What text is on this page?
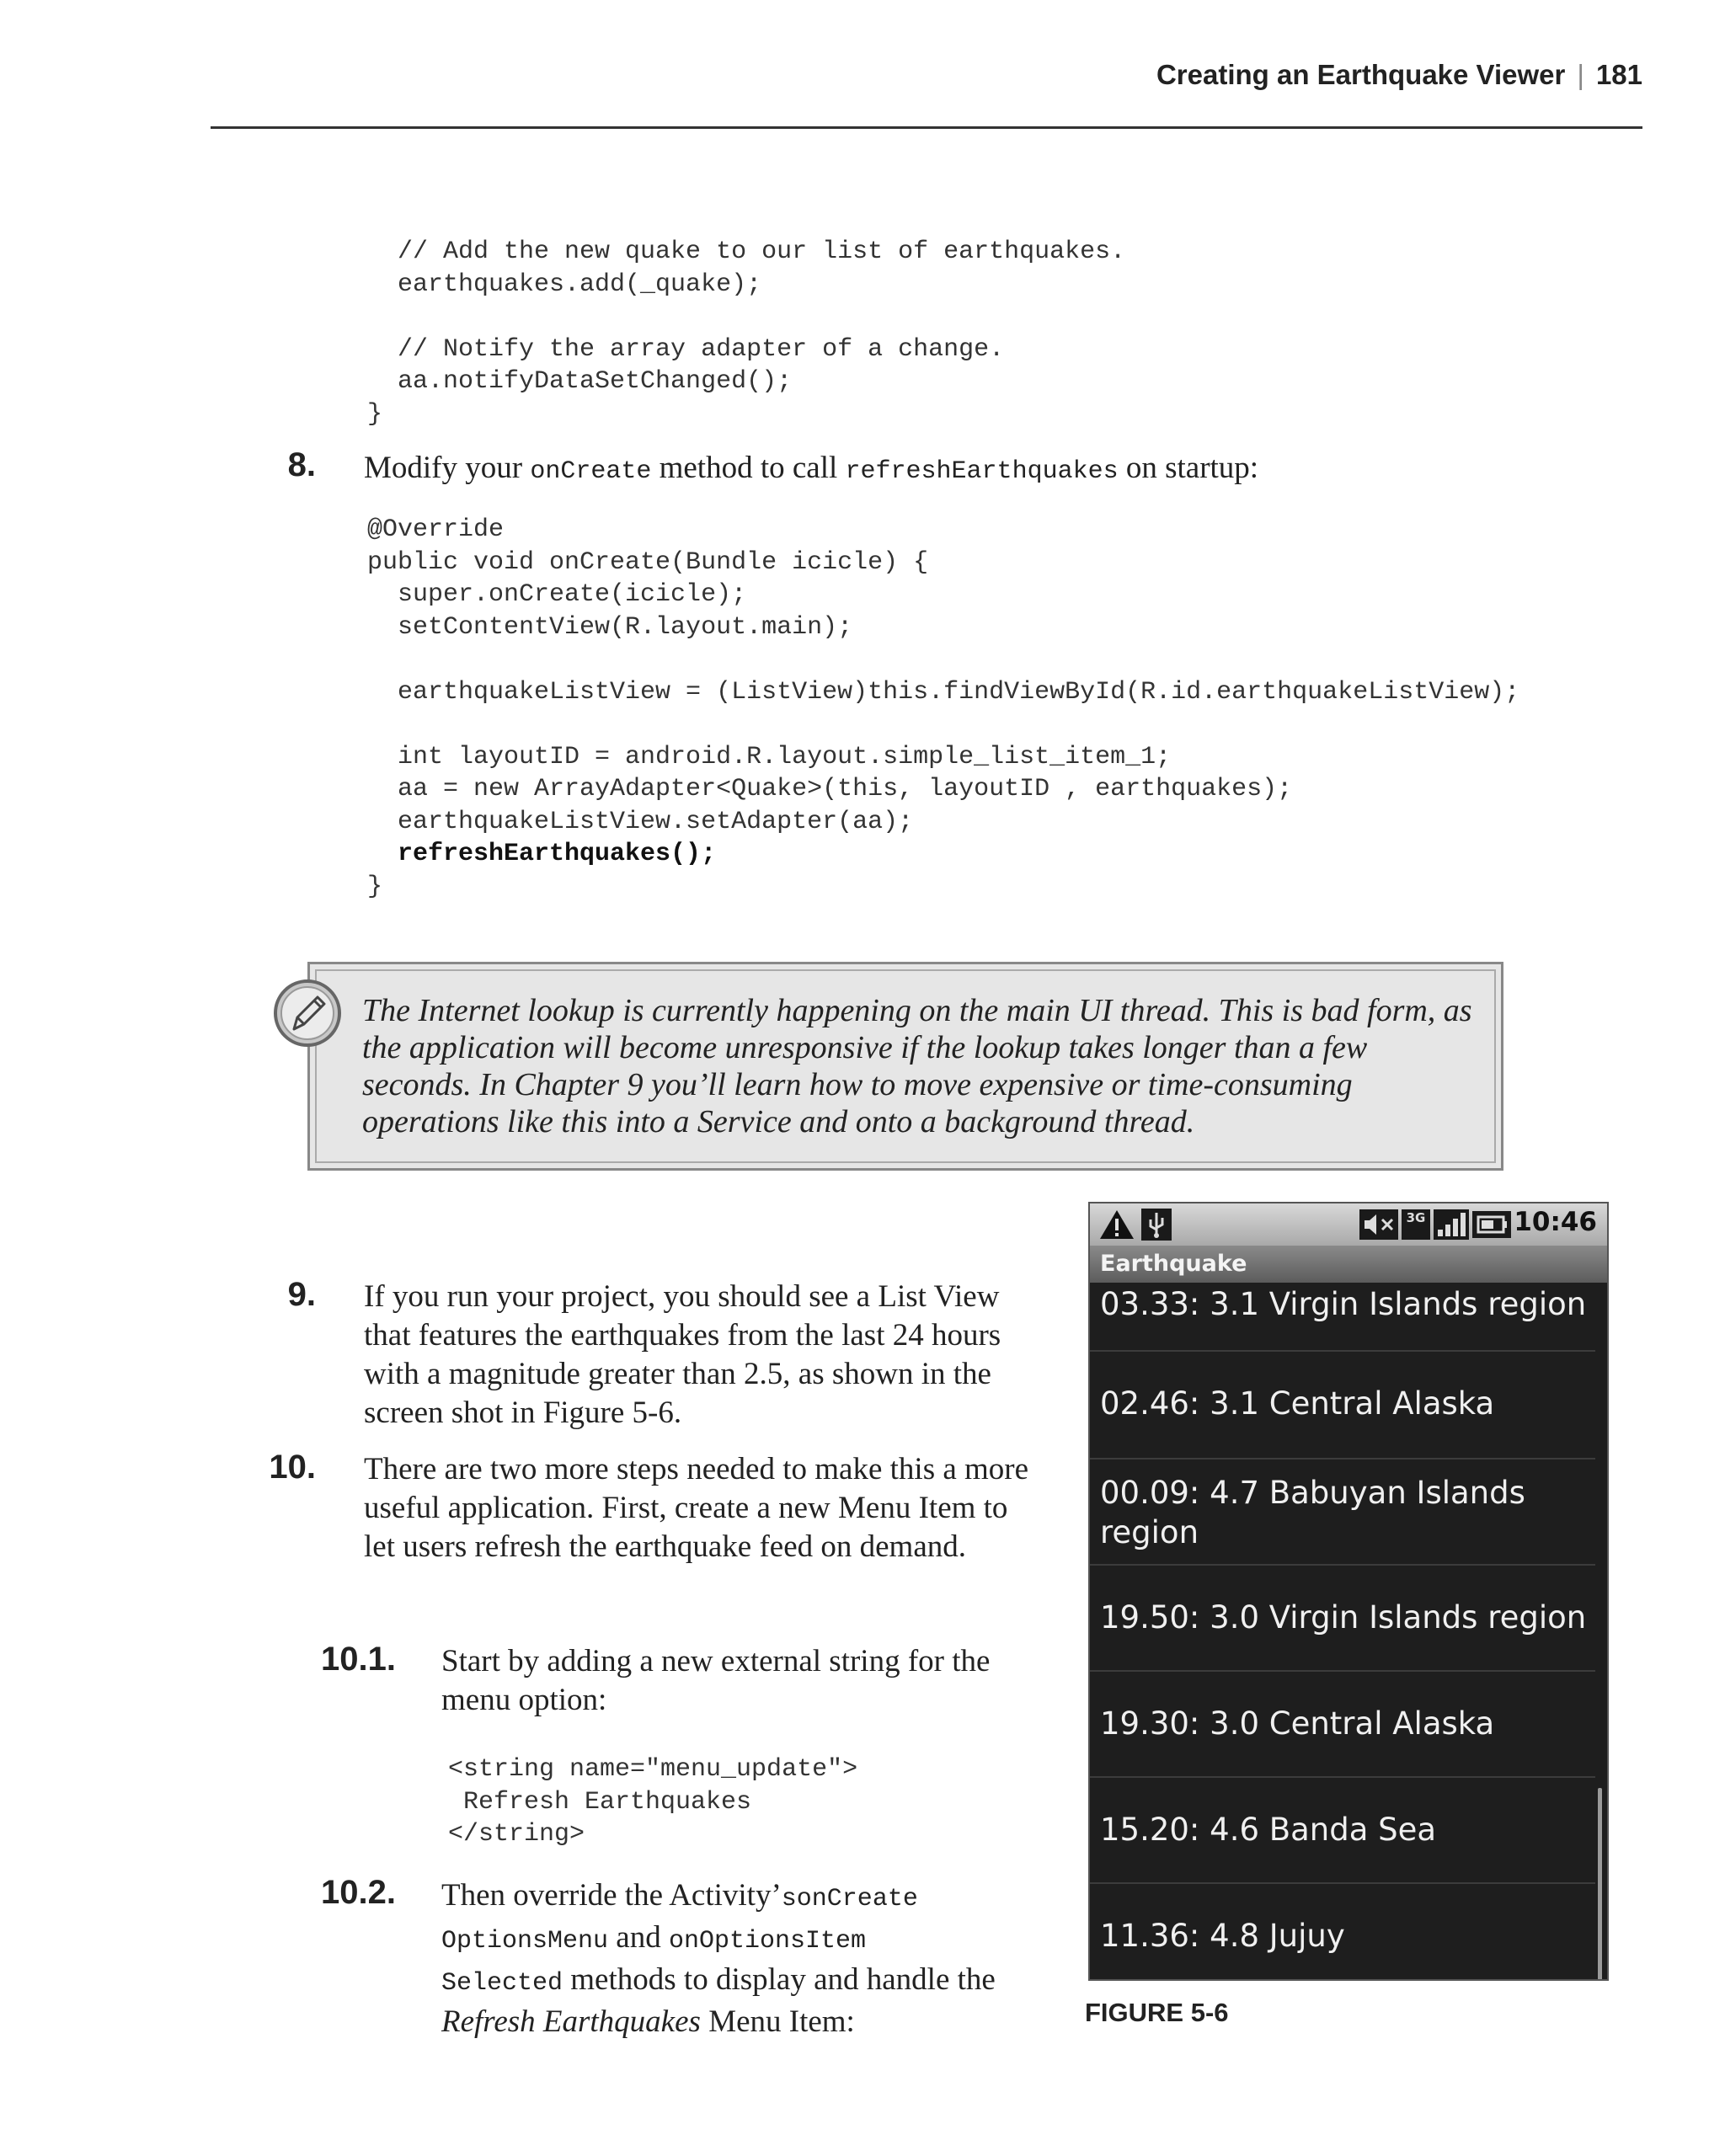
Creating an Earthquake Viewer | 181
// Add the new quake to our list of earthquakes.
earthquakes.add(_quake);

// Notify the array adapter of a change.
aa.notifyDataSetChanged();
}
8. Modify your onCreate method to call refreshEarthquakes on startup:
@Override
public void onCreate(Bundle icicle) {
super.onCreate(icicle);
setContentView(R.layout.main);

earthquakeListView = (ListView)this.findViewById(R.id.earthquakeListView);

int layoutID = android.R.layout.simple_list_item_1;
aa = new ArrayAdapter<Quake>(this, layoutID , earthquakes);
earthquakeListView.setAdapter(aa);

refreshEarthquakes();
}
The Internet lookup is currently happening on the main UI thread. This is bad form, as the application will become unresponsive if the lookup takes longer than a few seconds. In Chapter 9 you’ll learn how to move expensive or time-consuming operations like this into a Service and onto a background thread.
9. If you run your project, you should see a List View that features the earthquakes from the last 24 hours with a magnitude greater than 2.5, as shown in the screen shot in Figure 5-6.
10. There are two more steps needed to make this a more useful application. First, create a new Menu Item to let users refresh the earthquake feed on demand.
10.1. Start by adding a new external string for the menu option:
<string name="menu_update">
Refresh Earthquakes
</string>
10.2. Then override the Activity’sonCreate
OptionsMenu and onOptionsItem
Selected methods to display and handle the Refresh Earthquakes Menu Item:
3G	10:46
Earthquake
03.33: 3.1 Virgin Islands region
02.46: 3.1 Central Alaska
00.09: 4.7 Babuyan Islands region
19.50: 3.0 Virgin Islands region
19.30: 3.0 Central Alaska
15.20: 4.6 Banda Sea
11.36: 4.8 Jujuy
FIGURE 5-6
